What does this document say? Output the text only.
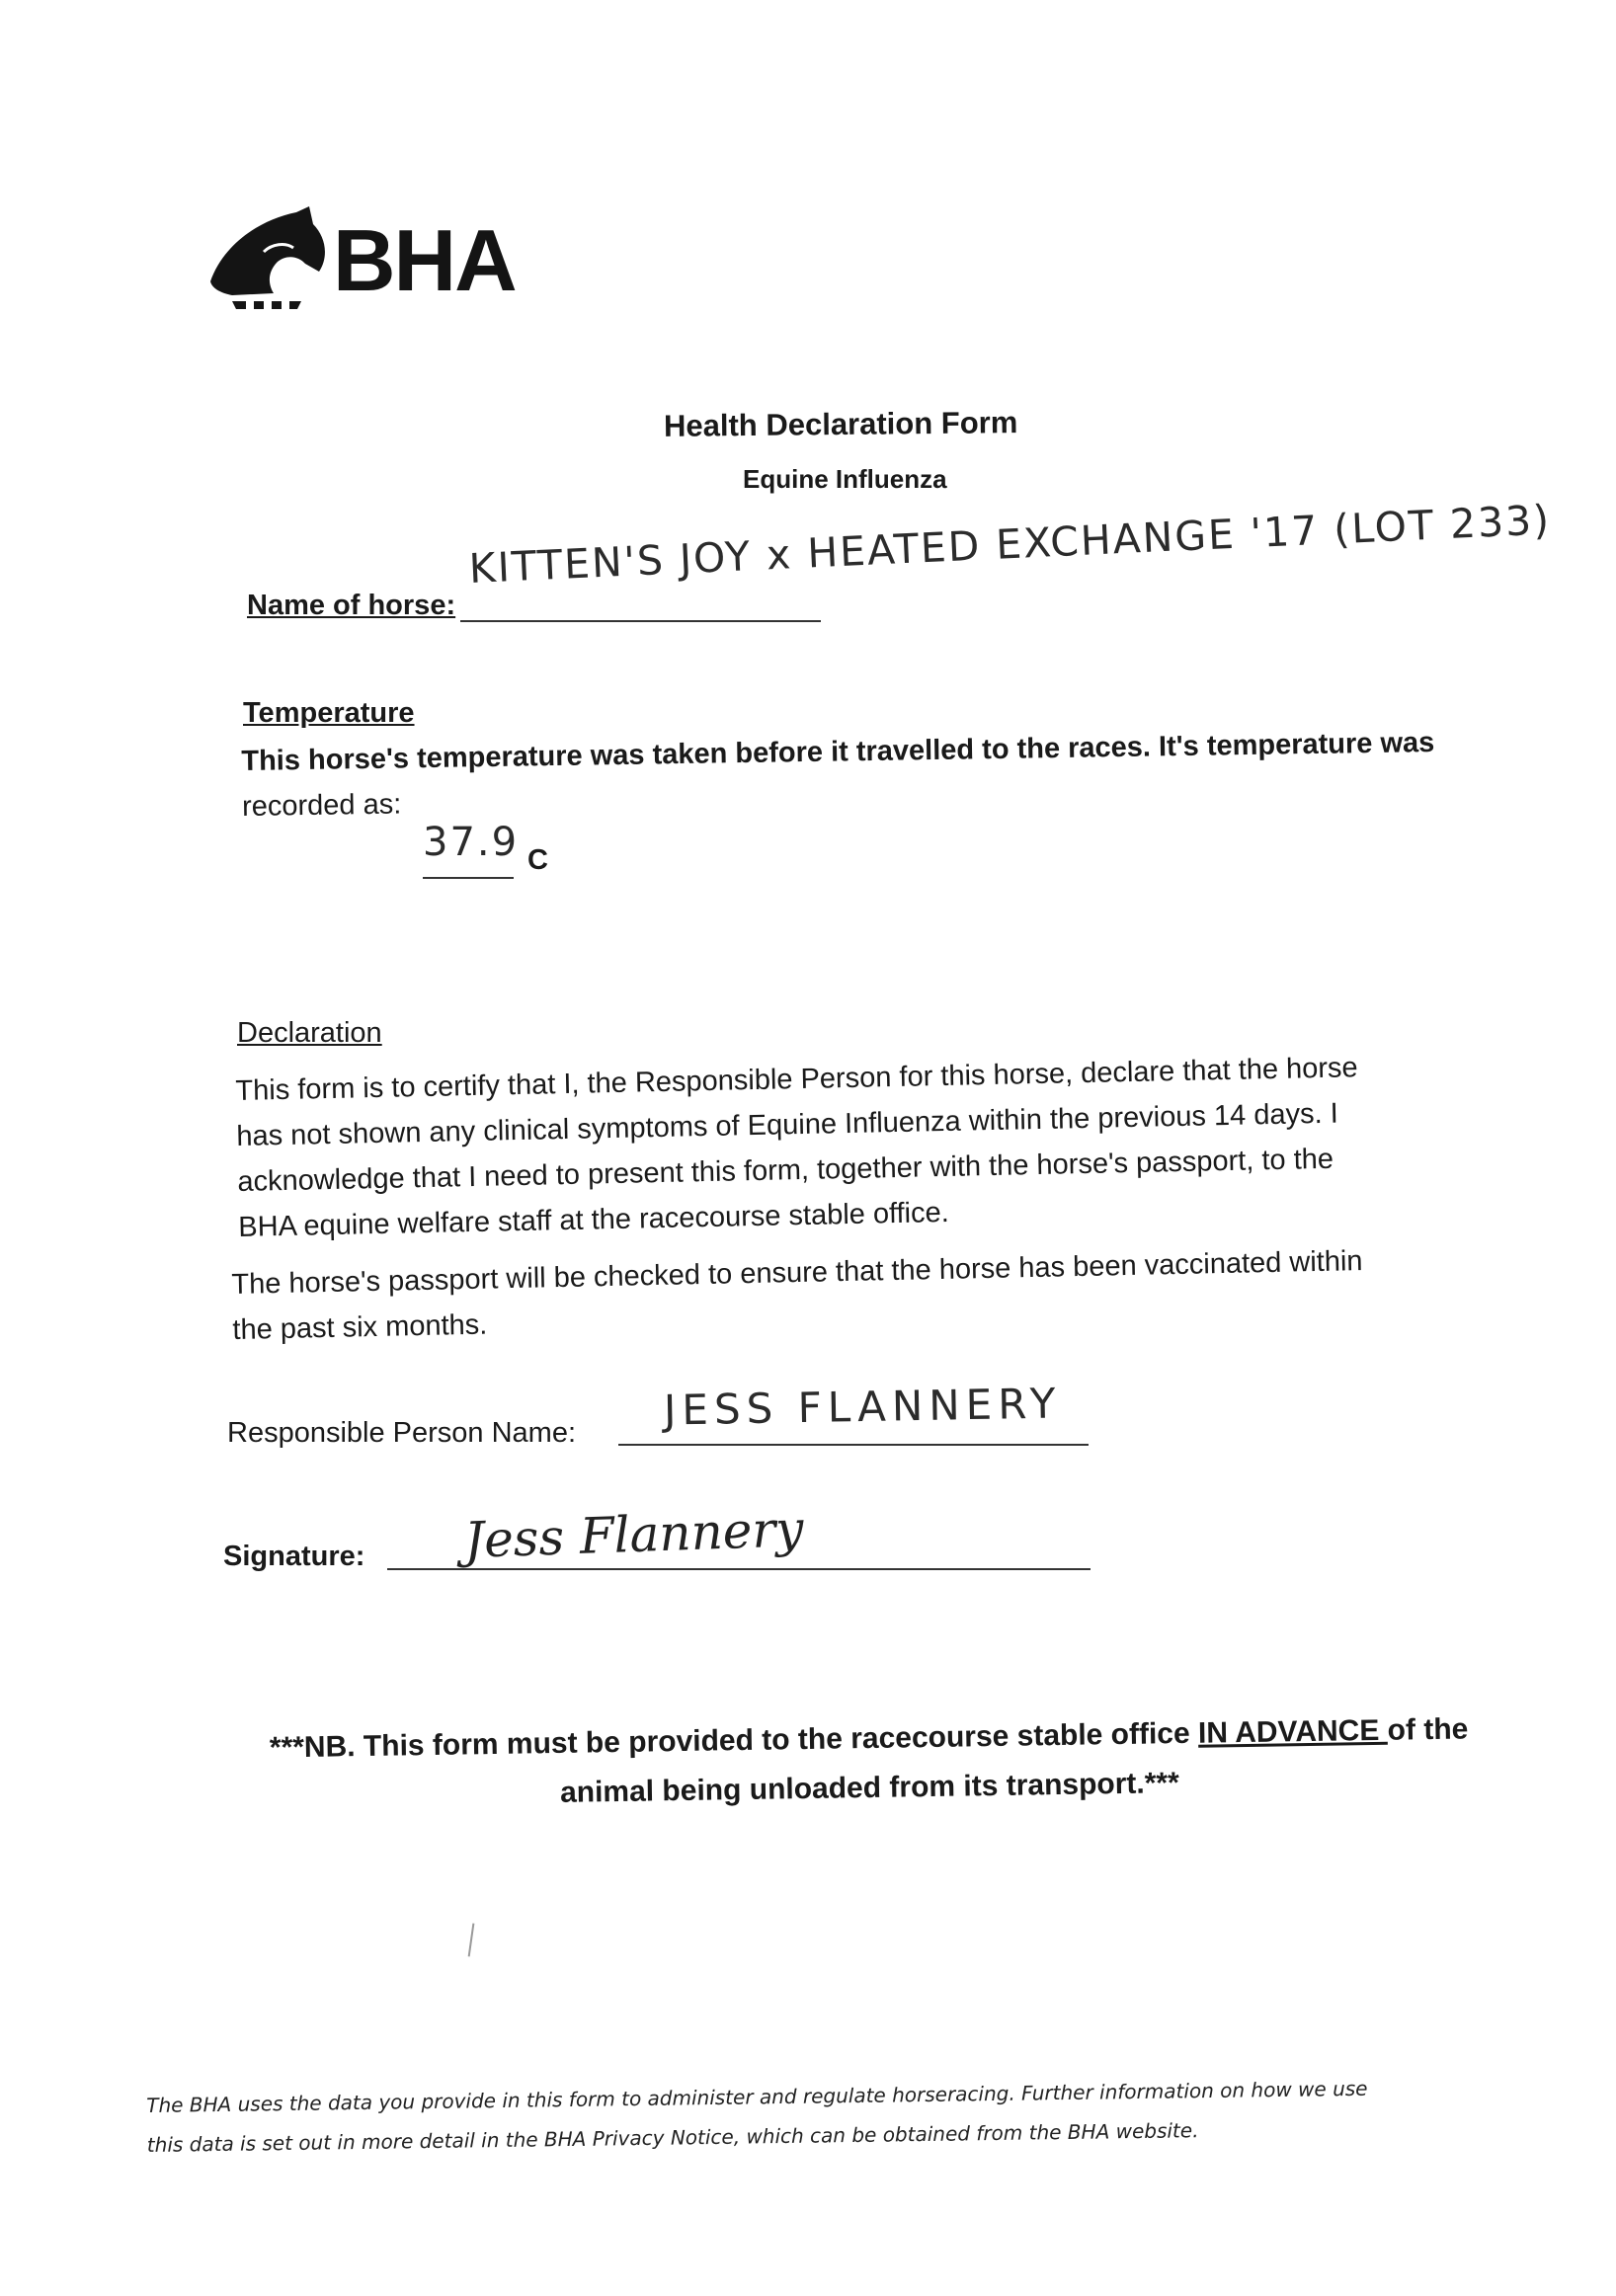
BHA
Health Declaration Form
Equine Influenza
Name of horse:
KITTEN'S JOY x HEATED EXCHANGE '17 (LOT 233)
Temperature

This horse's temperature was taken before it travelled to the races. It's temperature was

recorded as:

37.9 C
Declaration

This form is to certify that I, the Responsible Person for this horse, declare that the horse

has not shown any clinical symptoms of Equine Influenza within the previous 14 days. I

acknowledge that I need to present this form, together with the horse's passport, to the

BHA equine welfare staff at the racecourse stable office.

The horse's passport will be checked to ensure that the horse has been vaccinated within

the past six months.

Responsible Person Name: JESS FLANNERY
Signature: Jess Flannery

***NB. This form must be provided to the racecourse stable office IN ADVANCE of the

animal being unloaded from its transport.***

The BHA uses the data you provide in this form to administer and regulate horseracing. Further information on how we use

this data is set out in more detail in the BHA Privacy Notice, which can be obtained from the BHA website.
